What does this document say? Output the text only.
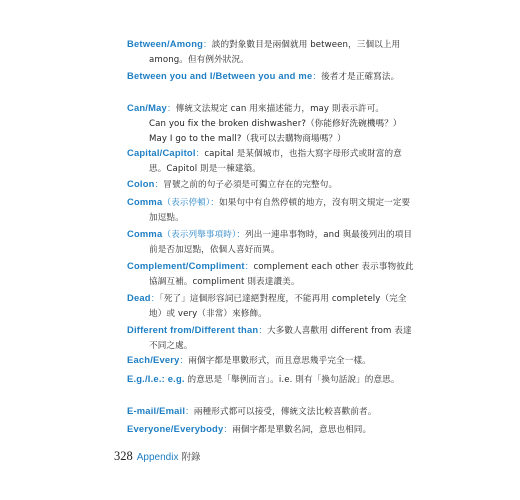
Between/Among：談的對象數目是兩個就用 between，三個以上用 among。但有例外狀況。
Between you and I/Between you and me：後者才是正確寫法。
Can/May：傳統文法規定 can 用來描述能力，may 則表示許可。
Can you fix the broken dishwasher?（你能修好洗碗機嗎？）
May I go to the mall?（我可以去購物商場嗎？）
Capital/Capitol：capital 是某個城市，也指大寫字母形式或財富的意思。Capitol 則是一棟建築。
Colon：冒號之前的句子必須是可獨立存在的完整句。
Comma（表示停頓）：如果句中有自然停頓的地方，沒有明文規定一定要加逗點。
Comma（表示列舉事項時）：列出一連串事物時，and 與最後列出的項目前是否加逗點，依個人喜好而異。
Complement/Compliment：complement each other 表示事物彼此協調互補。compliment 則表達讚美。
Dead：「死了」這個形容詞已達絕對程度，不能再用 completely（完全地）或 very（非常）來修飾。
Different from/Different than：大多數人喜歡用 different from 表達不同之處。
Each/Every：兩個字都是單數形式，而且意思幾乎完全一樣。
E.g./I.e.: e.g. 的意思是「舉例而言」。i.e. 則有「換句話說」的意思。
E-mail/Email：兩種形式都可以接受，傳統文法比較喜歡前者。
Everyone/Everybody：兩個字都是單數名詞，意思也相同。
328 Appendix 附錄
